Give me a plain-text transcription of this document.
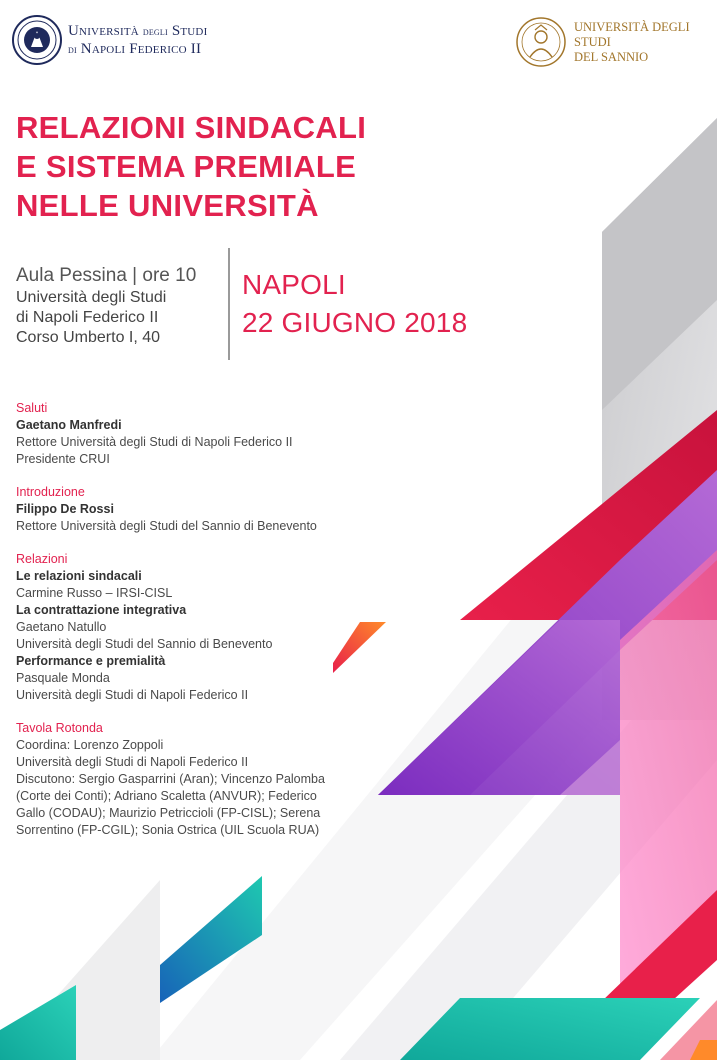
Università degli Studi
di Napoli Federico II
UNIVERSITÀ DEGLI STUDI
DEL SANNIO
RELAZIONI SINDACALI
E SISTEMA PREMIALE
NELLE UNIVERSITÀ
Aula Pessina | ore 10
Università degli Studi
di Napoli Federico II
Corso Umberto I, 40
NAPOLI
22 GIUGNO 2018
Saluti
Gaetano Manfredi
Rettore Università degli Studi di Napoli Federico II
Presidente CRUI
Introduzione
Filippo De Rossi
Rettore Università degli Studi del Sannio di Benevento
Relazioni
Le relazioni sindacali
Carmine Russo – IRSI-CISL
La contrattazione integrativa
Gaetano Natullo
Università degli Studi del Sannio di Benevento
Performance e premialità
Pasquale Monda
Università degli Studi di Napoli Federico II
Tavola Rotonda
Coordina: Lorenzo Zoppoli
Università degli Studi di Napoli Federico II
Discutono: Sergio Gasparrini (Aran); Vincenzo Palomba (Corte dei Conti); Adriano Scaletta (ANVUR); Federico Gallo (CODAU); Maurizio Petriccioli (FP-CISL); Serena Sorrentino (FP-CGIL); Sonia Ostrica (UIL Scuola RUA)
